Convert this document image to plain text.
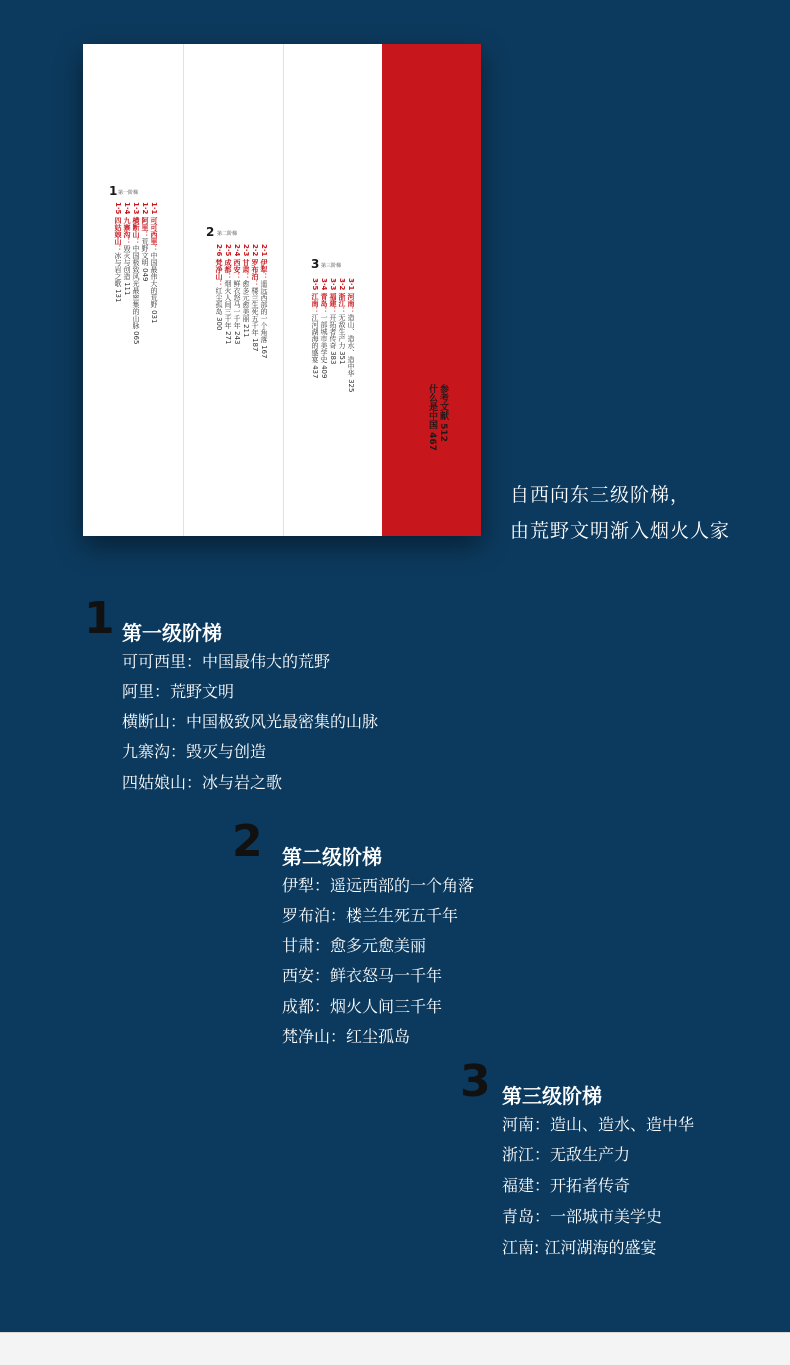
1 第一阶梯
1·1 可可西里：中国最伟大的荒野 031
1·2 阿里：荒野文明 049
1·3 横断山：中国极致风光最密集的山脉 065
1·4 九寨沟：毁灭与创造 111
1·5 四姑娘山：冰与岩之歌 131
2 第二阶梯
2·1 伊犁：遥远西部的一个角落 167
2·2 罗布泊：楼兰生死五千年 187
2·3 甘肃：愈多元愈美丽 211
2·4 西安：鲜衣怒马一千年 243
2·5 成都：烟火人间三千年 271
2·6 梵净山：红尘孤岛 300
3 第三阶梯
3·1 河南：造山、造水、造中华 325
3·2 浙江：无敌生产力 351
3·3 福建：开拓者传奇 383
3·4 青岛：一部城市美学史 409
3·5 江南：江河湖海的盛宴 437
参考文献 512
什么是中国 467
自西向东三级阶梯，
由荒野文明渐入烟火人家
1 第一级阶梯
可可西里：中国最伟大的荒野
阿里：荒野文明
横断山：中国极致风光最密集的山脉
九寨沟：毁灭与创造
四姑娘山：冰与岩之歌
2 第二级阶梯
伊犁：遥远西部的一个角落
罗布泊：楼兰生死五千年
甘肃：愈多元愈美丽
西安：鲜衣怒马一千年
成都：烟火人间三千年
梵净山：红尘孤岛
3 第三级阶梯
河南：造山、造水、造中华
浙江：无敌生产力
福建：开拓者传奇
青岛：一部城市美学史
江南: 江河湖海的盛宴
